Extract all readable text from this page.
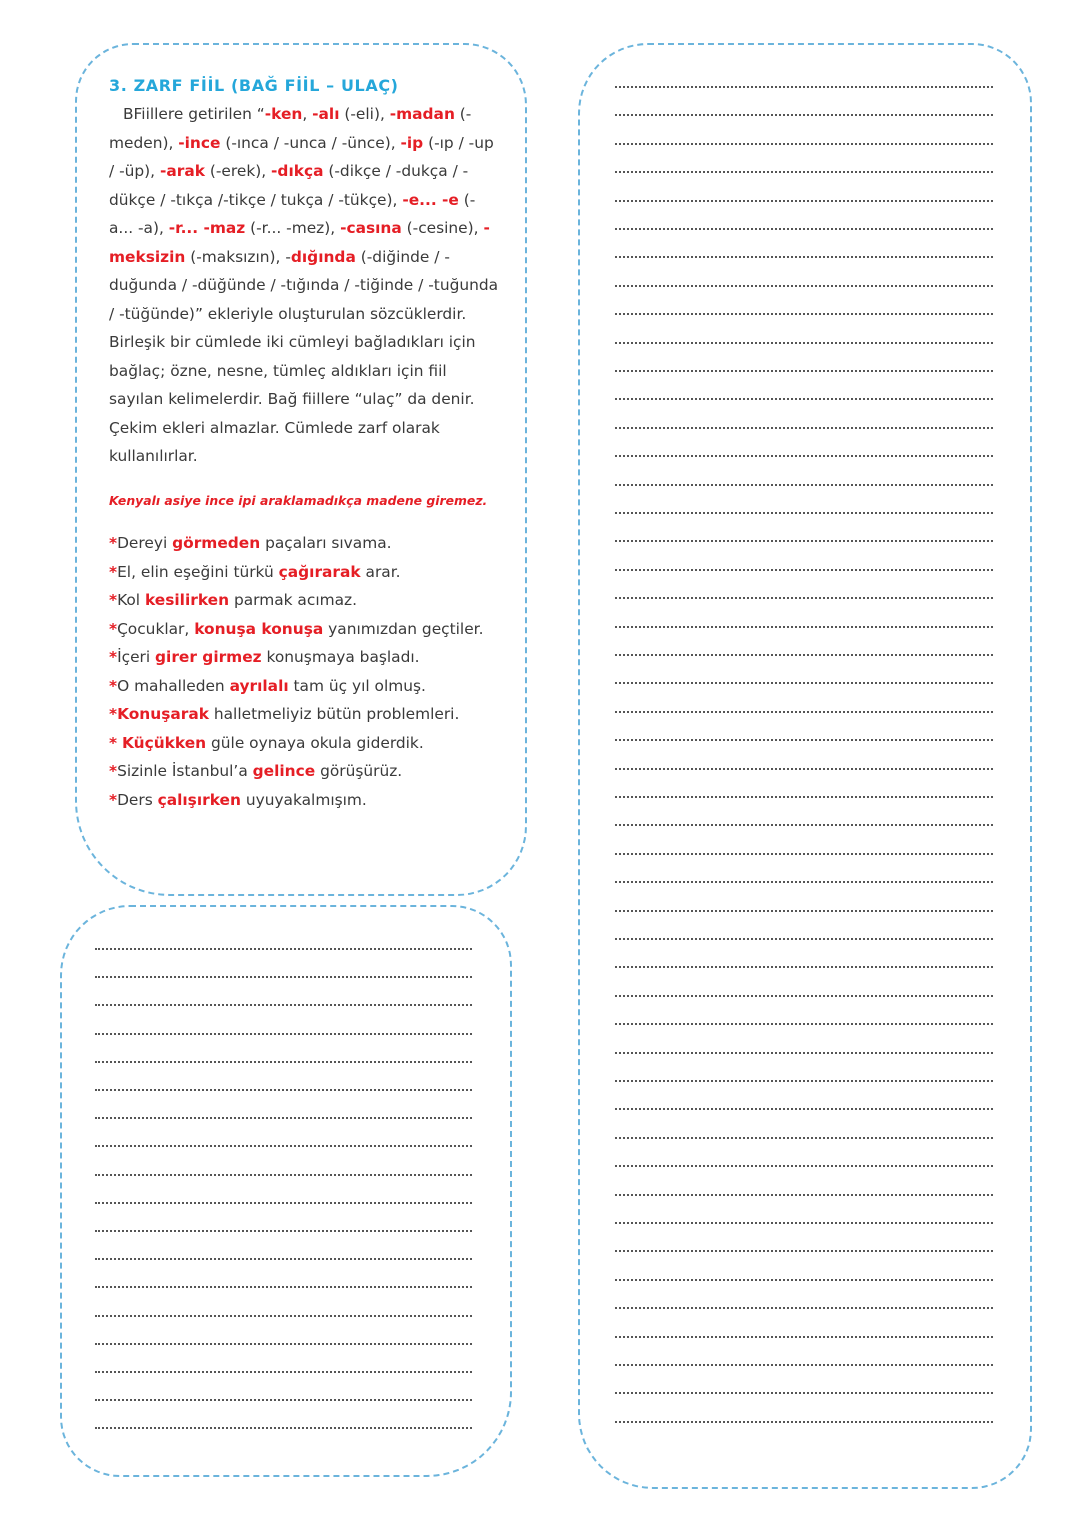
3. ZARF FİİL (BAĞ FİİL – ULAÇ)

BFiillere getirilen “-ken, -alı (-eli), -madan (-meden), -ince (-ınca / -unca / -ünce), -ip (-ıp / -up / -üp), -arak (-erek), -dıkça (-dikçe / -dukça / -dükçe / -tıkça /-tikçe / tukça / -tükçe), -e... -e (-a... -a), -r... -maz (-r... -mez), -casına (-cesine), -meksizin (-maksızın), -dığında (-diğinde / -duğunda / -düğünde / -tığında / -tiğinde / -tuğunda / -tüğünde)” ekleriyle oluşturulan sözcüklerdir. Birleşik bir cümlede iki cümleyi bağladıkları için bağlaç; özne, nesne, tümleç aldıkları için fiil sayılan kelimelerdir. Bağ fiillere “ulaç” da denir. Çekim ekleri almazlar. Cümlede zarf olarak kullanılırlar.

Kenyalı asiye ince ipi araklamadıkça madene giremez.
*Dereyi görmeden paçaları sıvama.
*El, elin eşeğini türkü çağırarak arar.
*Kol kesilirken parmak acımaz.
*Çocuklar, konuşa konuşa yanımızdan geçtiler.
*İçeri girer girmez konuşmaya başladı.
*O mahalleden ayrılalı tam üç yıl olmuş.
*Konuşarak halletmeliyiz bütün problemleri.
* Küçükken güle oynaya okula giderdik.
*Sizinle İstanbul’a gelince görüşürüz.
*Ders çalışırken uyuyakalmışım.
